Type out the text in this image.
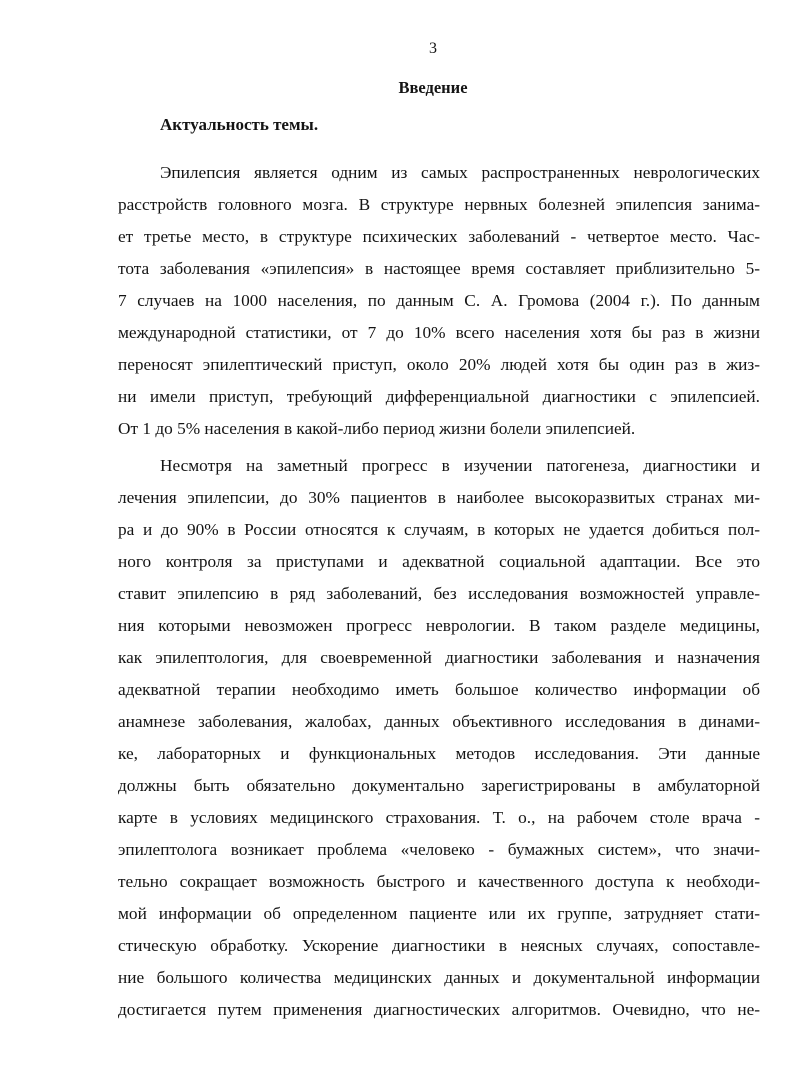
3
Введение
Актуальность темы.
Эпилепсия является одним из самых распространенных неврологических
расстройств головного мозга. В структуре нервных болезней эпилепсия занима-
ет третье место, в структуре психических заболеваний - четвертое место. Час-
тота заболевания «эпилепсия» в настоящее время составляет приблизительно 5-
7 случаев на 1000 населения, по данным С. А. Громова (2004 г.). По данным
международной статистики, от 7 до 10% всего населения хотя бы раз в жизни
переносят эпилептический приступ, около 20% людей хотя бы один раз в жиз-
ни имели приступ, требующий дифференциальной диагностики с эпилепсией.
От 1 до 5% населения в какой-либо период жизни болели эпилепсией.
Несмотря на заметный прогресс в изучении патогенеза, диагностики и
лечения эпилепсии, до 30% пациентов в наиболее высокоразвитых странах ми-
ра и до 90% в России относятся к случаям, в которых не удается добиться пол-
ного контроля за приступами и адекватной социальной адаптации. Все это
ставит эпилепсию в ряд заболеваний, без исследования возможностей управле-
ния которыми невозможен прогресс неврологии. В таком разделе медицины,
как эпилептология, для своевременной диагностики заболевания и назначения
адекватной терапии необходимо иметь большое количество информации об
анамнезе заболевания, жалобах, данных объективного исследования в динами-
ке, лабораторных и функциональных методов исследования. Эти данные
должны быть обязательно документально зарегистрированы в амбулаторной
карте в условиях медицинского страхования. Т. о., на рабочем столе врача -
эпилептолога возникает проблема «человеко - бумажных систем», что значи-
тельно сокращает возможность быстрого и качественного доступа к необходи-
мой информации об определенном пациенте или их группе, затрудняет стати-
стическую обработку. Ускорение диагностики в неясных случаях, сопоставле-
ние большого количества медицинских данных и документальной информации
достигается путем применения диагностических алгоритмов. Очевидно, что не-
